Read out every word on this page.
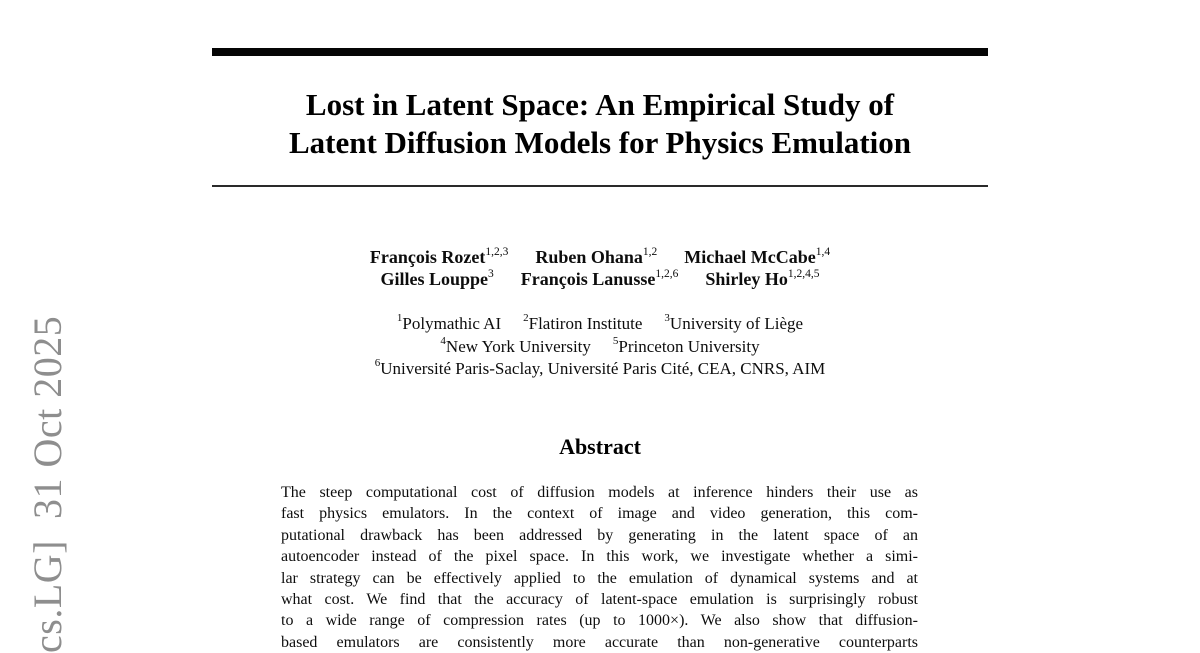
cs.LG]  31 Oct 2025
Lost in Latent Space: An Empirical Study of
Latent Diffusion Models for Physics Emulation
François Rozet$^{1,2,3}$ Ruben Ohana$^{1,2}$ Michael McCabe$^{1,4}$
Gilles Louppe$^3$ François Lanusse$^{1,2,6}$ Shirley Ho$^{1,2,4,5}$
$^1$Polymathic AI $^2$Flatiron Institute $^3$University of Liège
$^4$New York University $^5$Princeton University
$^6$Université Paris-Saclay, Université Paris Cité, CEA, CNRS, AIM
Abstract
The steep computational cost of diffusion models at inference hinders their use as
fast physics emulators. In the context of image and video generation, this com-
putational drawback has been addressed by generating in the latent space of an
autoencoder instead of the pixel space. In this work, we investigate whether a simi-
lar strategy can be effectively applied to the emulation of dynamical systems and at
what cost. We find that the accuracy of latent-space emulation is surprisingly robust
to a wide range of compression rates (up to 1000×). We also show that diffusion-
based emulators are consistently more accurate than non-generative counterparts
